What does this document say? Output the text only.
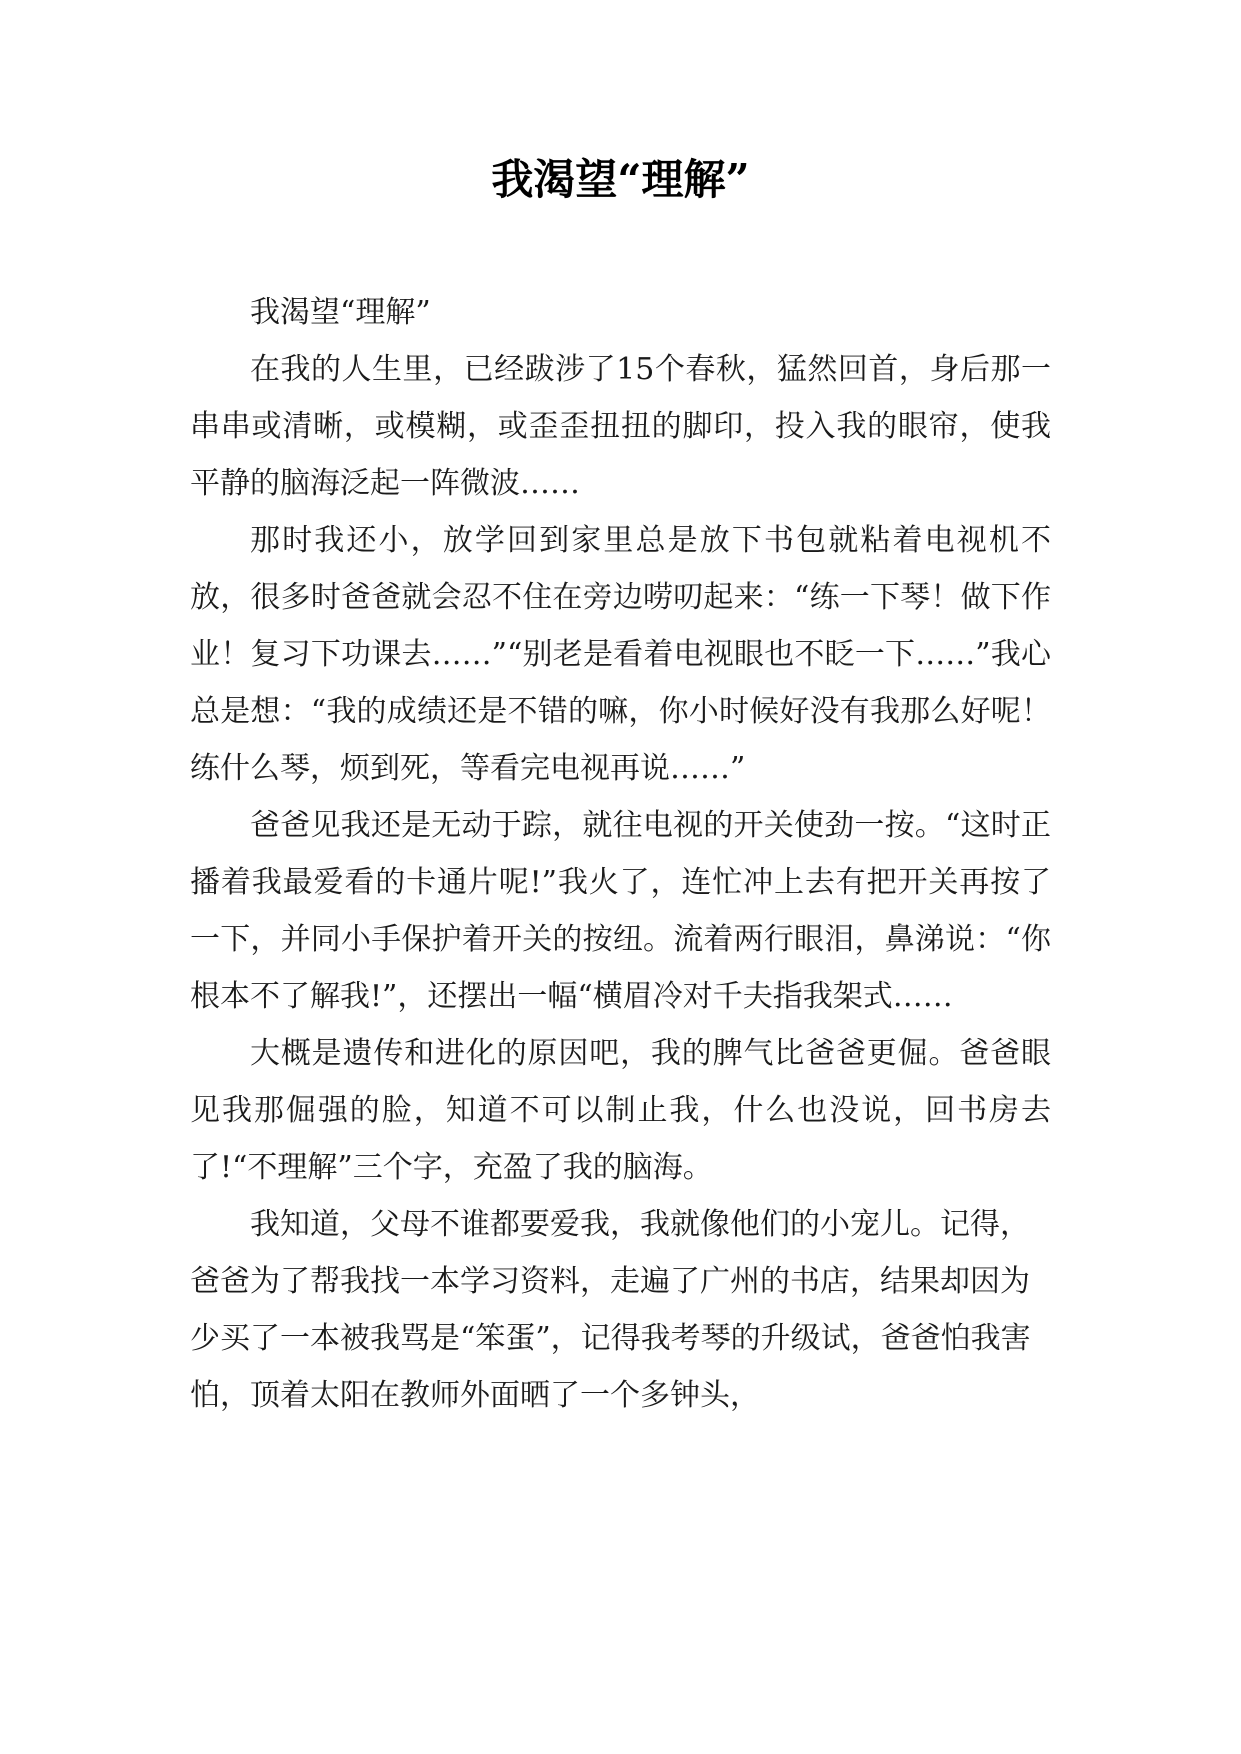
我渴望“理解”

我渴望“理解”

在我的人生里，已经跋涉了15个春秋，猛然回首，身后那一串串或清晰，或模糊，或歪歪扭扭的脚印，投入我的眼帘，使我平静的脑海泛起一阵微波……

那时我还小，放学回到家里总是放下书包就粘着电视机不放，很多时爸爸就会忍不住在旁边唠叨起来：“练一下琴！做下作业！复习下功课去……”“别老是看着电视眼也不眨一下……”我心总是想：“我的成绩还是不错的嘛，你小时候好没有我那么好呢！练什么琴，烦到死，等看完电视再说……”

爸爸见我还是无动于踪，就往电视的开关使劲一按。“这时正播着我最爱看的卡通片呢!”我火了，连忙冲上去有把开关再按了一下，并同小手保护着开关的按纽。流着两行眼泪，鼻涕说：“你根本不了解我!”，还摆出一幅“横眉冷对千夫指我架式……

大概是遗传和进化的原因吧，我的脾气比爸爸更倔。爸爸眼见我那倔强的脸，知道不可以制止我，什么也没说，回书房去了!“不理解”三个字，充盈了我的脑海。

我知道，父母不谁都要爱我，我就像他们的小宠儿。记得，爸爸为了帮我找一本学习资料，走遍了广州的书店，结果却因为少买了一本被我骂是“笨蛋”，记得我考琴的升级试，爸爸怕我害怕，顶着太阳在教师外面晒了一个多钟头，
